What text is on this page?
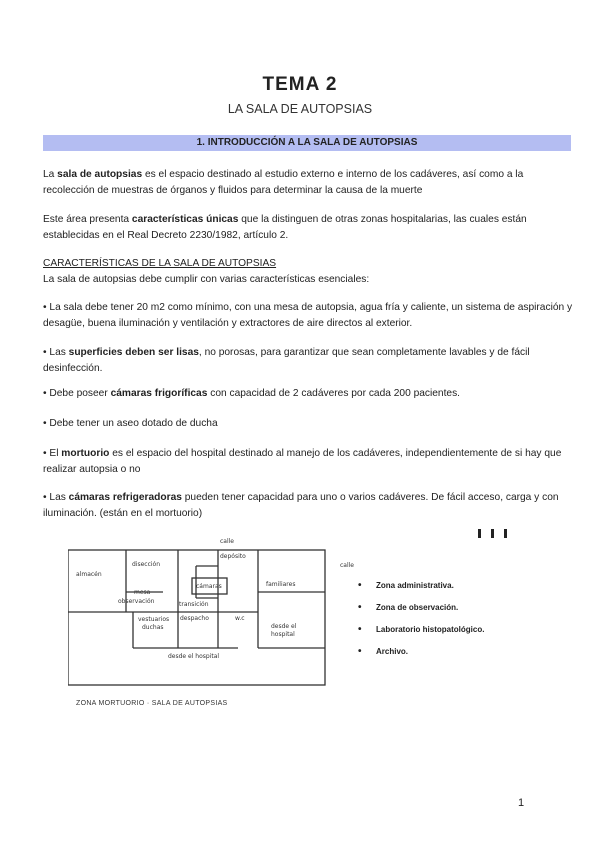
TEMA 2
LA SALA DE AUTOPSIAS
1. INTRODUCCIÓN A LA SALA DE AUTOPSIAS
La sala de autopsias es el espacio destinado al estudio externo e interno de los cadáveres, así como a la recolección de muestras de órganos y fluidos para determinar la causa de la muerte
Este área presenta características únicas que la distinguen de otras zonas hospitalarias, las cuales están establecidas en el Real Decreto 2230/1982, artículo 2.
CARACTERÍSTICAS DE LA SALA DE AUTOPSIAS
La sala de autopsias debe cumplir con varias características esenciales:
• La sala debe tener 20 m2 como mínimo, con una mesa de autopsia, agua fría y caliente, un sistema de aspiración y desagüe, buena iluminación y ventilación y extractores de aire directos al exterior.
• Las superficies deben ser lisas, no porosas, para garantizar que sean completamente lavables y de fácil desinfección.
• Debe poseer cámaras frigoríficas con capacidad de 2 cadáveres por cada 200 pacientes.
• Debe tener un aseo dotado de ducha
• El mortuorio es el espacio del hospital destinado al manejo de los cadáveres, independientemente de si hay que realizar autopsia o no
• Las cámaras refrigeradoras pueden tener capacidad para uno o varios cadáveres. De fácil acceso, carga y con iluminación. (están en el mortuorio)
calle
almacén
disección
depósito
cámaras	familiares
mesa
observación	transición
vestuarios
duchas
despacho	w.c
desde el
hospital
desde el hospital
calle
• Zona administrativa.
• Zona de observación.
• Laboratorio histopatológico.
• Archivo.
ZONA MORTUORIO · SALA DE AUTOPSIAS
1
